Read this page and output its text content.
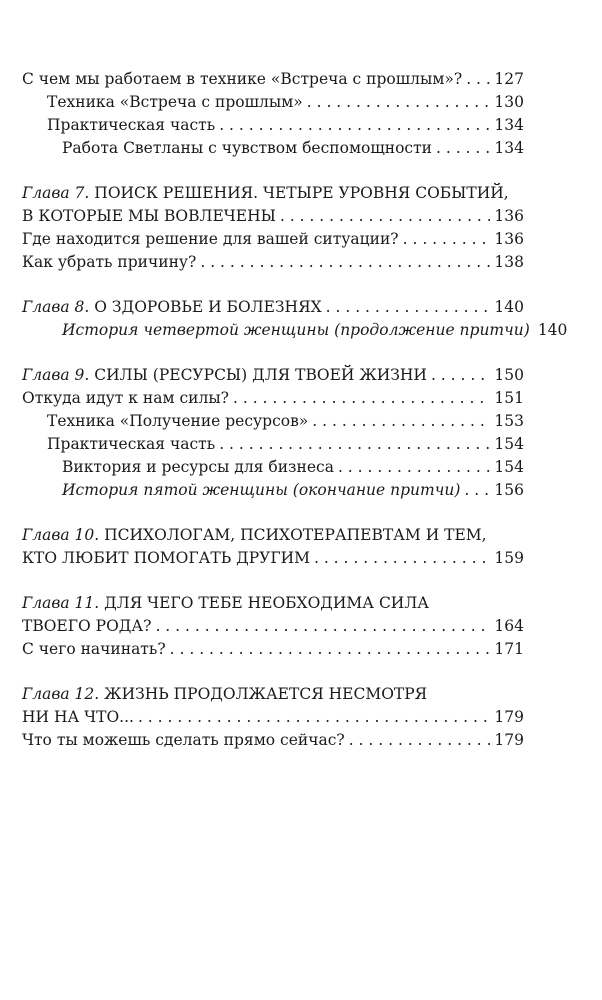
С чем мы работаем в технике «Встреча с прошлым»? . . . 127
Техника «Встреча с прошлым» . . .	130
Практическая часть . . .	134
Работа Светланы с чувством беспомощности . . .	134
Глава 7. ПОИСК РЕШЕНИЯ. ЧЕТЫРЕ УРОВНЯ СОБЫТИЙ,
В КОТОРЫЕ МЫ ВОВЛЕЧЕНЫ . . .	136
Где находится решение для вашей ситуации? . . .	136
Как убрать причину? . . .	138
Глава 8.
О ЗДОРОВЬЕ И БОЛЕЗНЯХ . . .	140
История четвертой женщины (продолжение притчи) 140
Глава 9.
СИЛЫ (РЕСУРСЫ) ДЛЯ ТВОЕЙ ЖИЗНИ . . .	150
Откуда идут к нам силы? . . .	151
Техника «Получение ресурсов» . . .	153
Практическая часть . . .	154
Виктория и ресурсы для бизнеса . . .	154
История пятой женщины (окончание притчи) . . . 156
Глава 10. ПСИХОЛОГАМ, ПСИХОТЕРАПЕВТАМ И ТЕМ,
КТО ЛЮБИТ ПОМОГАТЬ ДРУГИМ . . .	159
Глава 11. ДЛЯ ЧЕГО ТЕБЕ НЕОБХОДИМА СИЛА
ТВОЕГО РОДА? . . .	164
С чего начинать? . . .	171
Глава 12. ЖИЗНЬ ПРОДОЛЖАЕТСЯ НЕСМОТРЯ
НИ НА ЧТО... . . .	179
Что ты можешь сделать прямо сейчас? . . .	179
